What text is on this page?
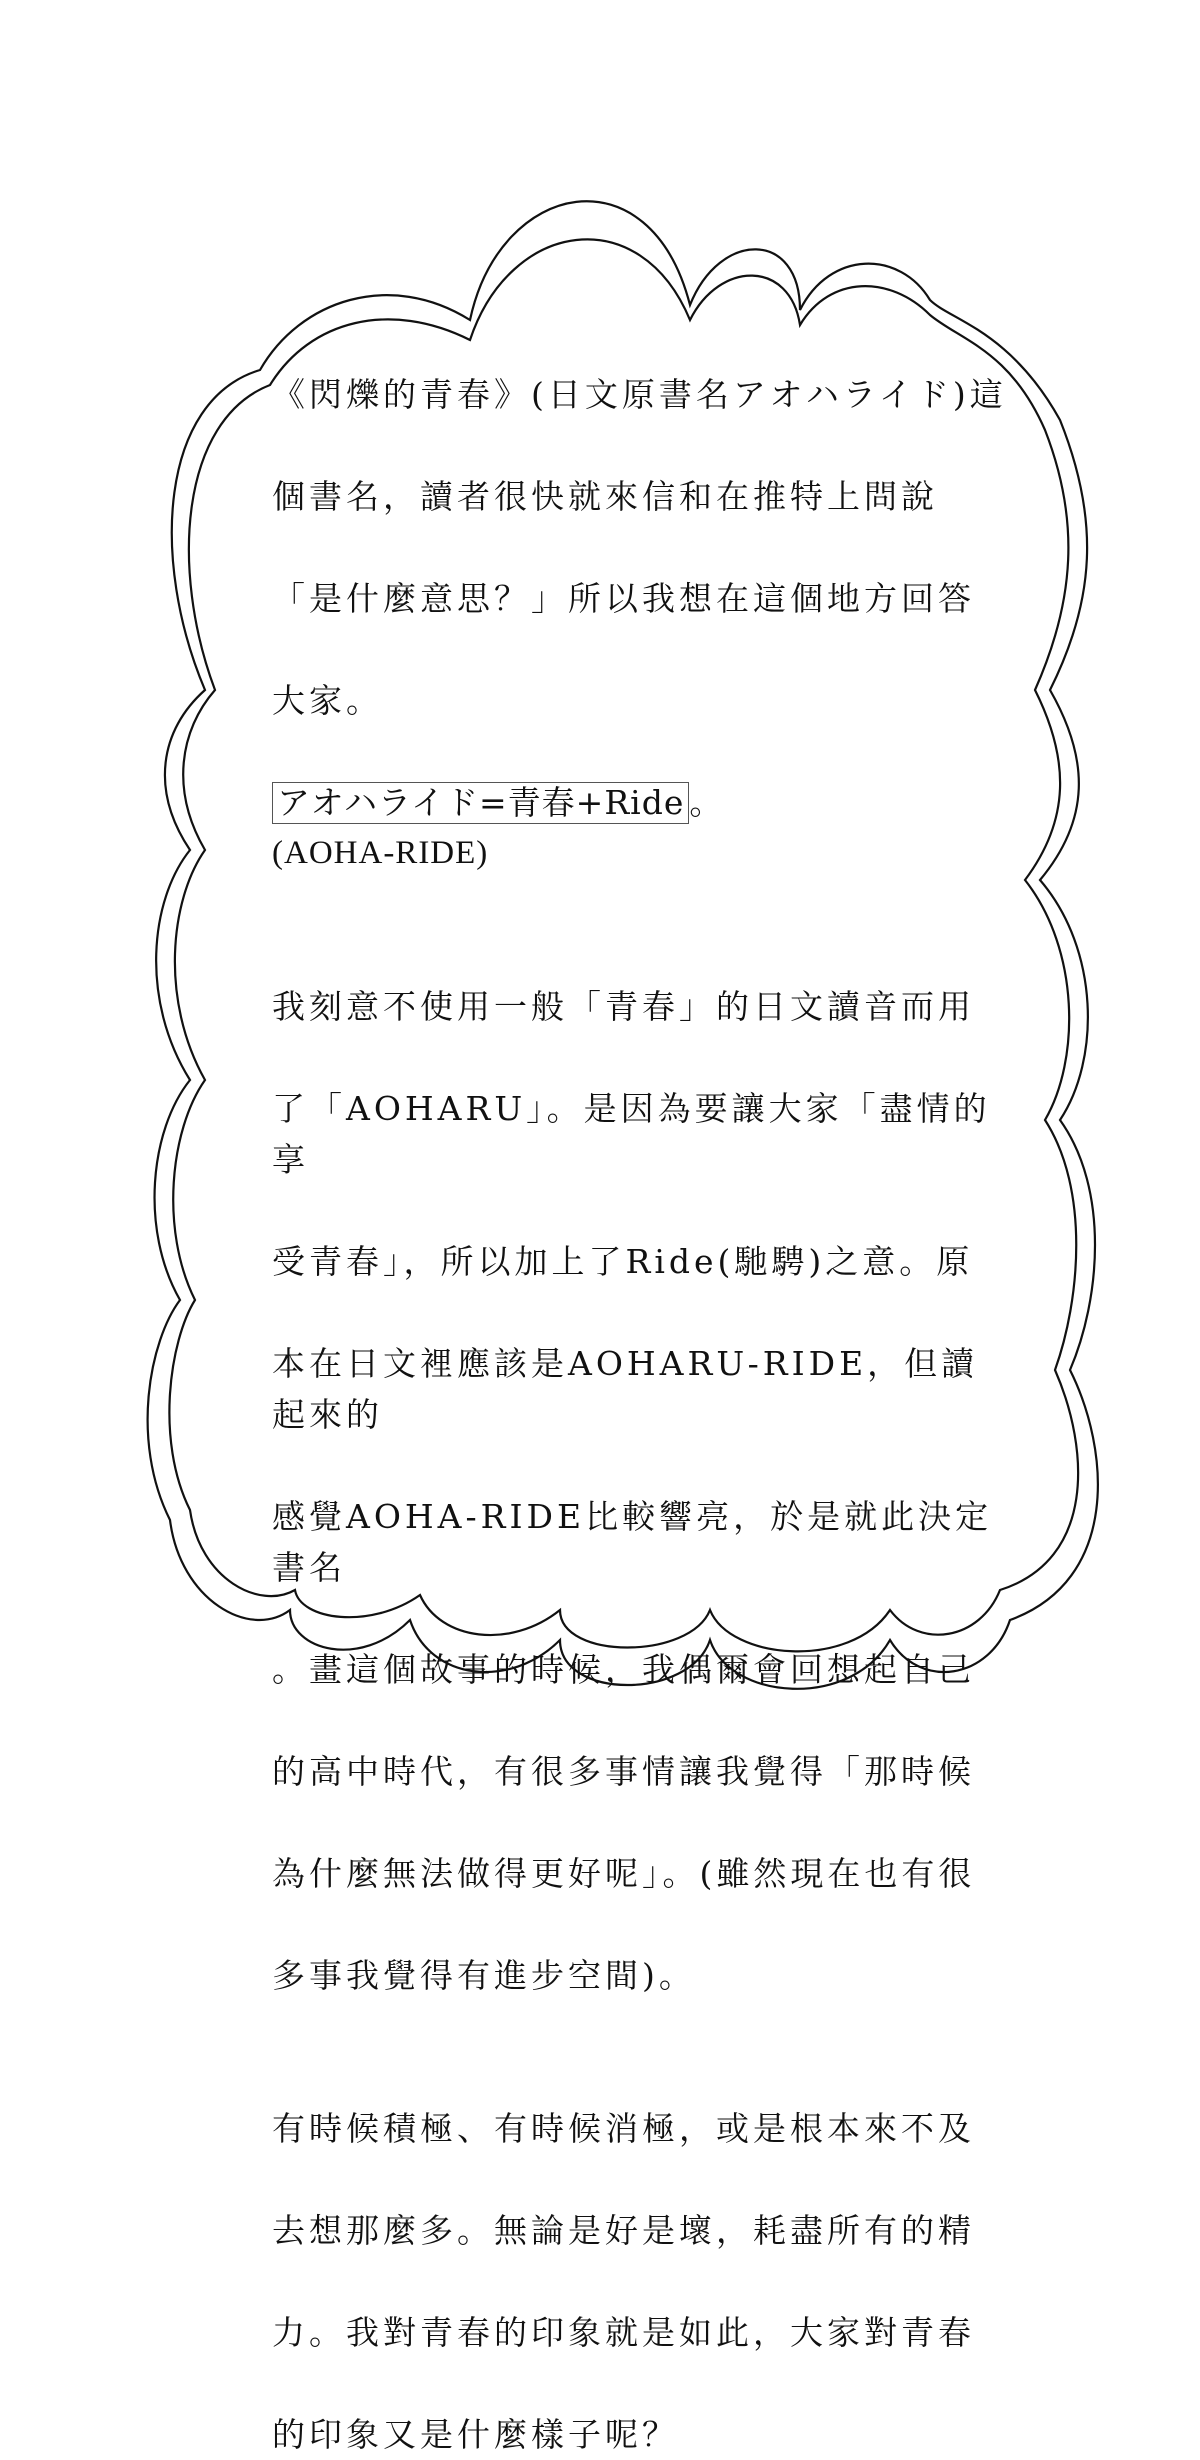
《閃爍的青春》(日文原書名アオハライド)這

個書名，讀者很快就來信和在推特上問說

「是什麼意思？」所以我想在這個地方回答

大家。

アオハライド=青春+Ride 。
(AOHA-RIDE)

我刻意不使用一般「青春」的日文讀音而用

了「AOHARU」。是因為要讓大家「盡情的享

受青春」，所以加上了Ride(馳騁)之意。原

本在日文裡應該是AOHARU-RIDE，但讀起來的

感覺AOHA-RIDE比較響亮，於是就此決定書名

。畫這個故事的時候，我偶爾會回想起自己

的高中時代，有很多事情讓我覺得「那時候

為什麼無法做得更好呢」。(雖然現在也有很

多事我覺得有進步空間)。

有時候積極、有時候消極，或是根本來不及

去想那麼多。無論是好是壞，耗盡所有的精

力。我對青春的印象就是如此，大家對青春

的印象又是什麼樣子呢？
